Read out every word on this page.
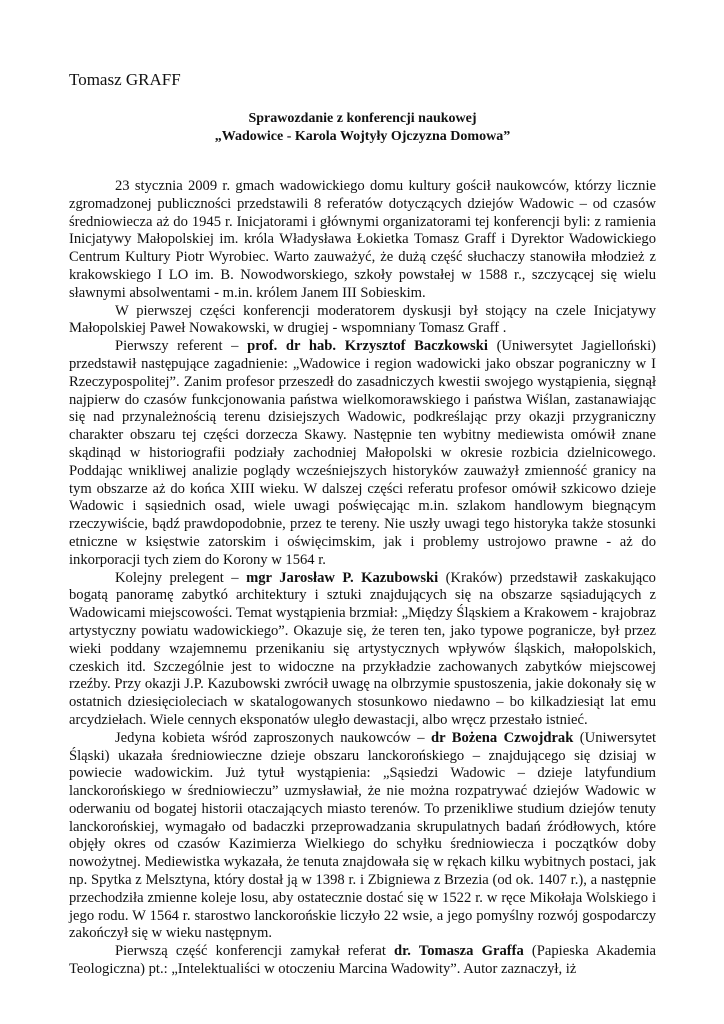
Tomasz GRAFF
Sprawozdanie z konferencji naukowej
„Wadowice - Karola Wojtyły Ojczyzna Domowa”

23 stycznia 2009 r. gmach wadowickiego domu kultury gościł naukowców, którzy licznie zgromadzonej publiczności przedstawili 8 referatów dotyczących dziejów Wadowic – od czasów średniowiecza aż do 1945 r. Inicjatorami i głównymi organizatorami tej konferencji byli: z ramienia Inicjatywy Małopolskiej im. króla Władysława Łokietka Tomasz Graff i Dyrektor Wadowickiego Centrum Kultury Piotr Wyrobiec. Warto zauważyć, że dużą część słuchaczy stanowiła młodzież z krakowskiego I LO im. B. Nowodworskiego, szkoły powstałej w 1588 r., szczycącej się wielu sławnymi absolwentami - m.in. królem Janem III Sobieskim.

W pierwszej części konferencji moderatorem dyskusji był stojący na czele Inicjatywy Małopolskiej Paweł Nowakowski, w drugiej - wspomniany Tomasz Graff .

Pierwszy referent – prof. dr hab. Krzysztof Baczkowski (Uniwersytet Jagielloński) przedstawił następujące zagadnienie: „Wadowice i region wadowicki jako obszar pograniczny w I Rzeczypospolitej”. Zanim profesor przeszedł do zasadniczych kwestii swojego wystąpienia, sięgnął najpierw do czasów funkcjonowania państwa wielkomorawskiego i państwa Wiślan, zastanawiając się nad przynależnością terenu dzisiejszych Wadowic, podkreślając przy okazji przygraniczny charakter obszaru tej części dorzecza Skawy. Następnie ten wybitny mediewista omówił znane skądinąd w historiografii podziały zachodniej Małopolski w okresie rozbicia dzielnicowego. Poddając wnikliwej analizie poglądy wcześniejszych historyków zauważył zmienność granicy na tym obszarze aż do końca XIII wieku. W dalszej części referatu profesor omówił szkicowo dzieje Wadowic i sąsiednich osad, wiele uwagi poświęcając m.in. szlakom handlowym biegnącym rzeczywiście, bądź prawdopodobnie, przez te tereny. Nie uszły uwagi tego historyka także stosunki etniczne w księstwie zatorskim i oświęcimskim, jak i problemy ustrojowo prawne - aż do inkorporacji tych ziem do Korony w 1564 r.

Kolejny prelegent – mgr Jarosław P. Kazubowski (Kraków) przedstawił zaskakująco bogatą panoramę zabytkó architektury i sztuki znajdujących się na obszarze sąsiadujących z Wadowicami miejscowości. Temat wystąpienia brzmiał: „Między Śląskiem a Krakowem - krajobraz artystyczny powiatu wadowickiego”. Okazuje się, że teren ten, jako typowe pogranicze, był przez wieki poddany wzajemnemu przenikaniu się artystycznych wpływów śląskich, małopolskich, czeskich itd. Szczególnie jest to widoczne na przykładzie zachowanych zabytków miejscowej rzeźby. Przy okazji J.P. Kazubowski zwrócił uwagę na olbrzymie spustoszenia, jakie dokonały się w ostatnich dziesięcioleciach w skatalogowanych stosunkowo niedawno – bo kilkadziesiąt lat emu arcydziełach. Wiele cennych eksponatów uległo dewastacji, albo wręcz przestało istnieć.

Jedyna kobieta wśród zaproszonych naukowców – dr Bożena Czwojdrak (Uniwersytet Śląski) ukazała średniowieczne dzieje obszaru lanckorońskiego – znajdującego się dzisiaj w powiecie wadowickim. Już tytuł wystąpienia: „Sąsiedzi Wadowic – dzieje latyfundium lanckorońskiego w średniowieczu” uzmysławiał, że nie można rozpatrywać dziejów Wadowic w oderwaniu od bogatej historii otaczających miasto terenów. To przenikliwe studium dziejów tenuty lanckorońskiej, wymagało od badaczki przeprowadzania skrupulatnych badań źródłowych, które objęły okres od czasów Kazimierza Wielkiego do schyłku średniowiecza i początków doby nowożytnej. Mediewistka wykazała, że tenuta znajdowała się w rękach kilku wybitnych postaci, jak np. Spytka z Melsztyna, który dostał ją w 1398 r. i Zbigniewa z Brzezia (od ok. 1407 r.), a następnie przechodziła zmienne koleje losu, aby ostatecznie dostać się w 1522 r. w ręce Mikołaja Wolskiego i jego rodu. W 1564 r. starostwo lanckorońskie liczyło 22 wsie, a jego pomyślny rozwój gospodarczy zakończył się w wieku następnym.

Pierwszą część konferencji zamykał referat dr. Tomasza Graffa (Papieska Akademia Teologiczna) pt.: „Intelektualiści w otoczeniu Marcina Wadowity”. Autor zaznaczył, iż
